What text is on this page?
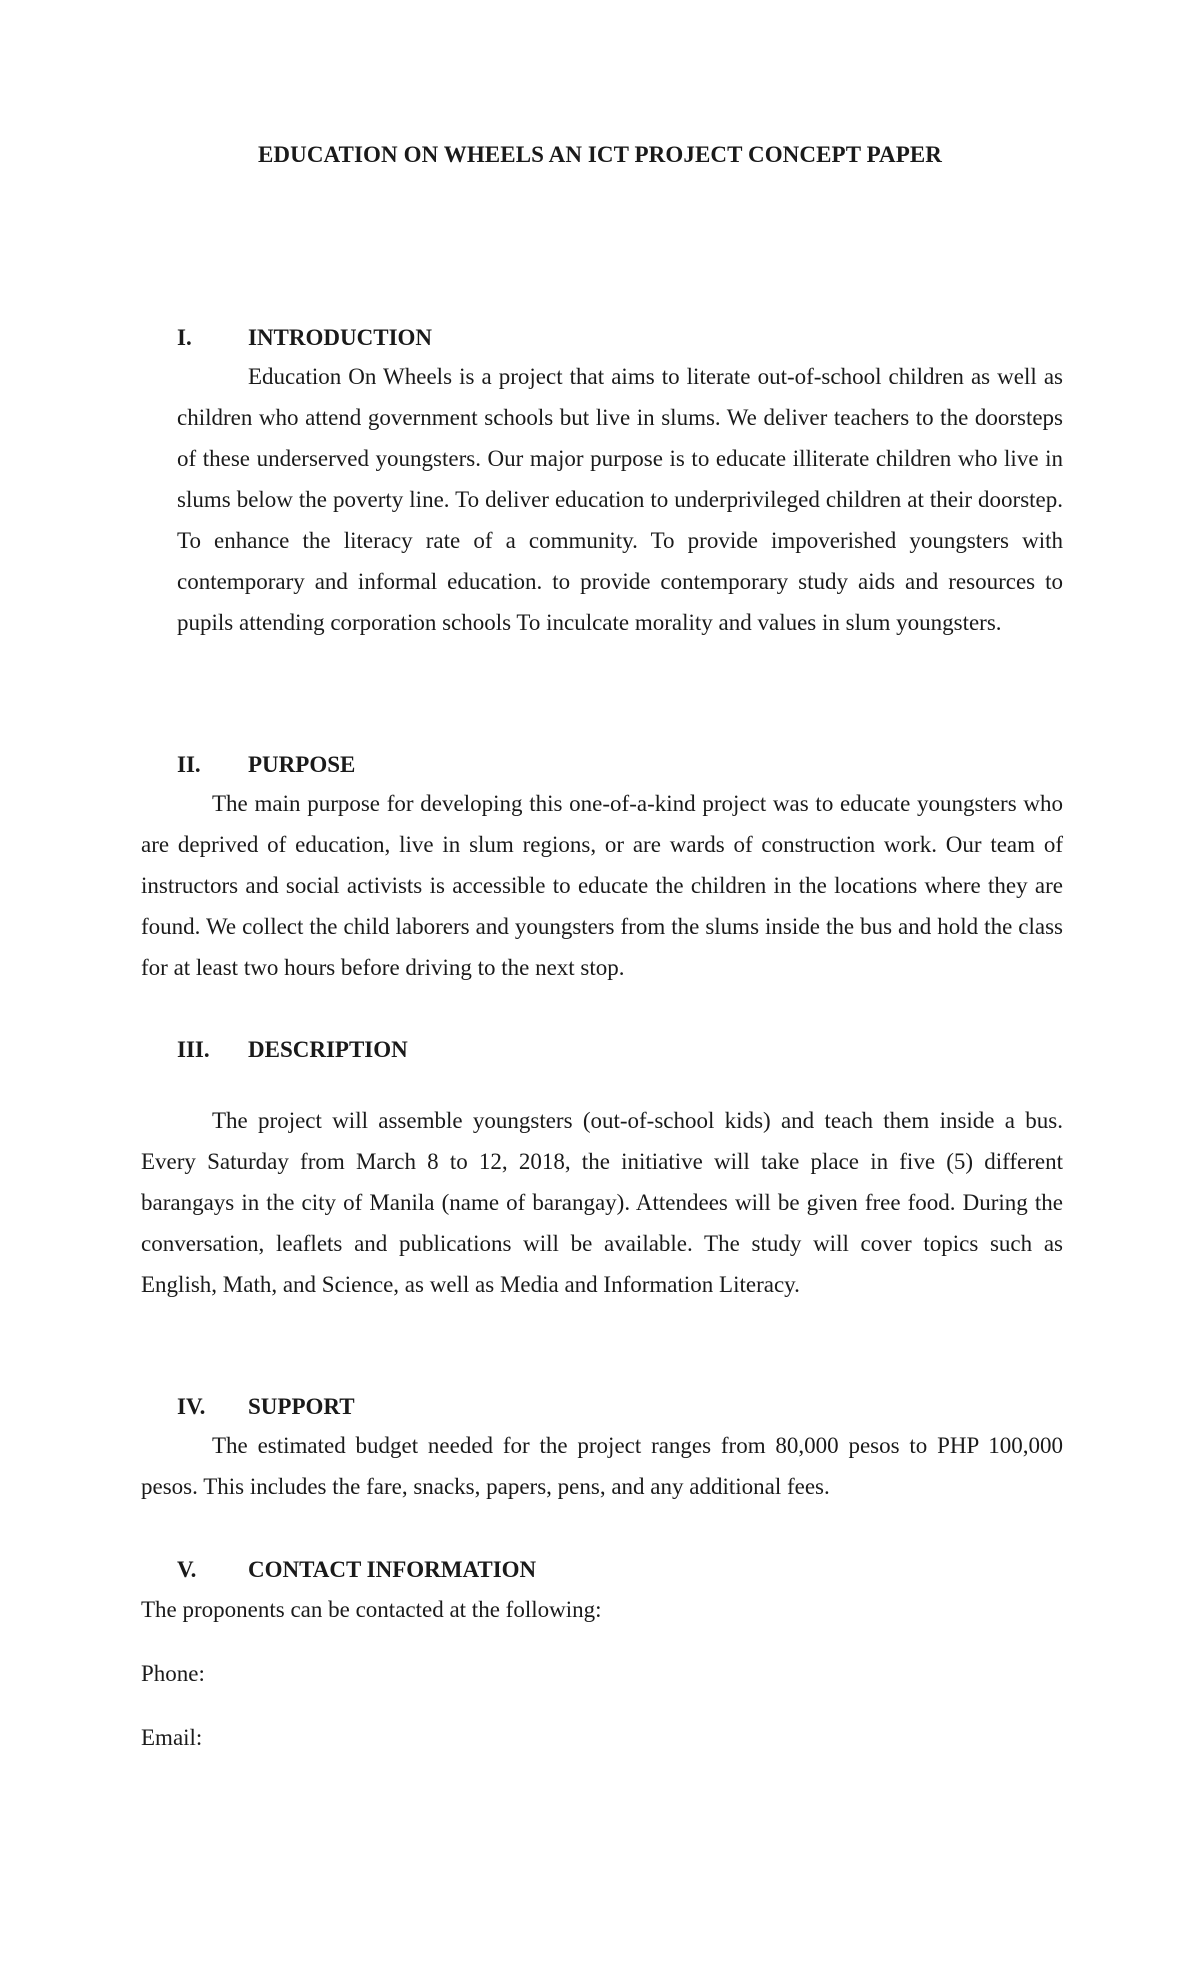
EDUCATION ON WHEELS AN ICT PROJECT CONCEPT PAPER
I. INTRODUCTION

Education On Wheels is a project that aims to literate out-of-school children as well as children who attend government schools but live in slums. We deliver teachers to the doorsteps of these underserved youngsters. Our major purpose is to educate illiterate children who live in slums below the poverty line. To deliver education to underprivileged children at their doorstep. To enhance the literacy rate of a community. To provide impoverished youngsters with contemporary and informal education. to provide contemporary study aids and resources to pupils attending corporation schools To inculcate morality and values in slum youngsters.

II. PURPOSE

The main purpose for developing this one-of-a-kind project was to educate youngsters who are deprived of education, live in slum regions, or are wards of construction work. Our team of instructors and social activists is accessible to educate the children in the locations where they are found. We collect the child laborers and youngsters from the slums inside the bus and hold the class for at least two hours before driving to the next stop.

III. DESCRIPTION

The project will assemble youngsters (out-of-school kids) and teach them inside a bus. Every Saturday from March 8 to 12, 2018, the initiative will take place in five (5) different barangays in the city of Manila (name of barangay). Attendees will be given free food. During the conversation, leaflets and publications will be available. The study will cover topics such as English, Math, and Science, as well as Media and Information Literacy.

IV. SUPPORT

The estimated budget needed for the project ranges from 80,000 pesos to PHP 100,000 pesos. This includes the fare, snacks, papers, pens, and any additional fees.

V. CONTACT INFORMATION
The proponents can be contacted at the following:
Phone:
Email:
